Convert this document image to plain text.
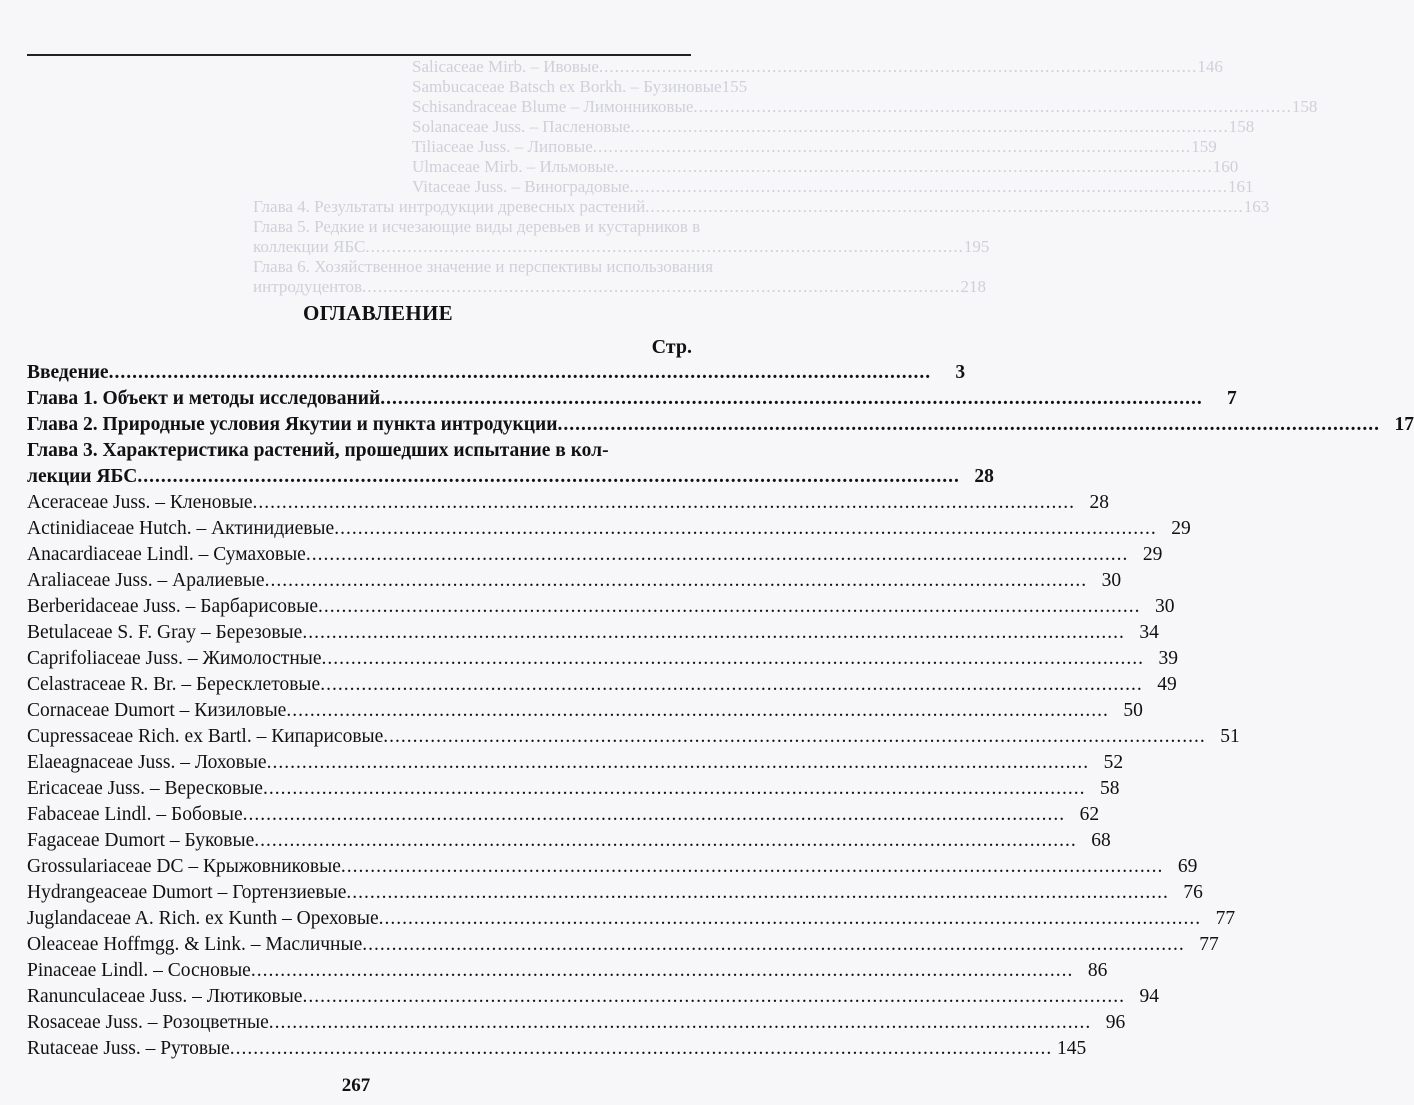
Salicaceae Mirb. – Ивовые .....	146
Sambucaceae Batsch ex Borkh. – Бузиновые 155
Schisandraceae Blume – Лимонниковые .....	158
Solanaceae Juss. – Пасленовые .....	158
Tiliaceae Juss. – Липовые .....	159
Ulmaceae Mirb. – Ильмовые .....	160
Vitaceae Juss. – Виноградовые .....	161
Глава 4. Результаты интродукции древесных растений .....	163
Глава 5. Редкие и исчезающие виды деревьев и кустарников в
коллекции ЯБС .....	195
Глава 6. Хозяйственное значение и перспективы использования
интродуцентов .....	218
ОГЛАВЛЕНИЕ
Стр.
Введение .....	3
Глава 1. Объект и методы исследований .....	7
Глава 2. Природные условия Якутии и пункта интродукции .....	17
Глава 3. Характеристика растений, прошедших испытание в кол-
лекции ЯБС .....	28
Aceraceae Juss. – Кленовые .....	28
Actinidiaceae Hutch. – Актинидиевые .....	29
Anacardiaceae Lindl. – Сумаховые .....	29
Araliaceae Juss. – Аралиевые .....	30
Berberidaceae Juss. – Барбарисовые .....	30
Betulaceae S. F. Gray – Березовые .....	34
Caprifoliaceae Juss. – Жимолостные .....	39
Celastraceae R. Br. – Бересклетовые .....	49
Cornaceae Dumort – Кизиловые .....	50
Cupressaceae Rich. ex Bartl. – Кипарисовые .....	51
Elaeagnaceae Juss. – Лоховые .....	52
Ericaceae Juss. – Вересковые .....	58
Fabaceae Lindl. – Бобовые .....	62
Fagaceae Dumort – Буковые .....	68
Grossulariaceae DC – Крыжовниковые .....	69
Hydrangeaceae Dumort – Гортензиевые .....	76
Juglandaceae A. Rich. ex Kunth – Ореховые .....	77
Oleaceae Hoffmgg. & Link. – Масличные .....	77
Pinaceae Lindl. – Сосновые .....	86
Ranunculaceae Juss. – Лютиковые .....	94
Rosaceae Juss. – Розоцветные .....	96
Rutaceae Juss. – Рутовые .....	145
267
